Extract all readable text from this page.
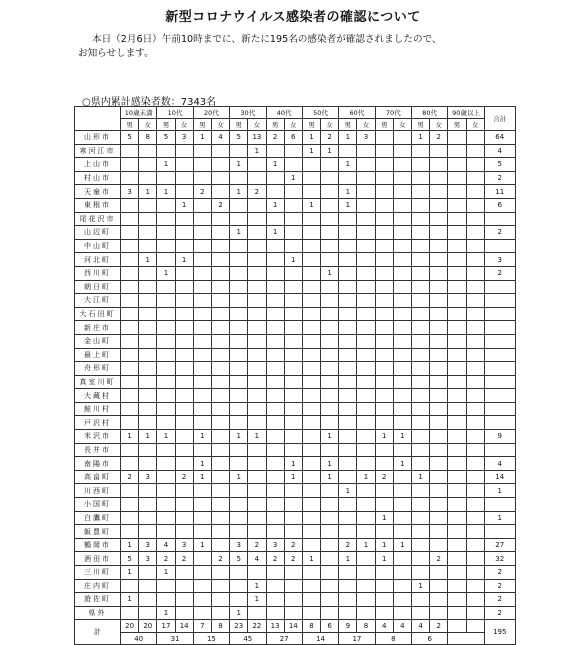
新型コロナウイルス感染者の確認について
本日（2月6日）午前10時までに、新たに195名の感染者が確認されましたので、
お知らせします。
○県内累計感染者数：7343名
	10歳未満		10代		20代		30代		40代		50代		60代		70代		80代		90歳以上		合計
	男	女	男	女	男	女	男	女	男	女	男	女	男	女	男	女	男	女	男	女	
山形市	5	8	5	3	1	4	5	13	2	6	1	2	1	3			1	2			64
寒河江市								1			1	1									4
上山市			1				1		1				1								5
村山市										1											2
天童市	3	1	1		2		1	2					1								11
東根市				1		2			1		1		1								6
尾花沢市																					
山辺町							1		1												2
中山町																					
河北町		1		1						1											3
西川町			1									1									2
朝日町																					
大江町																					
大石田町																					
新庄市																					
金山町																					
最上町																					
舟形町																					
真室川町																					
大蔵村																					
鮭川村																					
戸沢村																					
米沢市	1	1	1		1		1	1				1			1	1					9
長井市																					
南陽市					1					1		1				1					4
高畠町	2	3		2	1		1			1		1		1	2		1				14
川西町													1								1
小国町																					
白鷹町															1						1
飯豊町																					
鶴岡市	1	3	4	3	1		3	2	3	2			2	1	1	1					27
酒田市	5	3	2	2		2	5	4	2	2	1		1		1			2			32
三川町	1		1																		2
庄内町								1									1				2
遊佐町	1							1													2
県外			1				1														2
計	20	20	17	14	7	8	23	22	13	14	8	6	9	8	4	4	4	2			195
	40		31		15		45		27		14		17		8		6				
